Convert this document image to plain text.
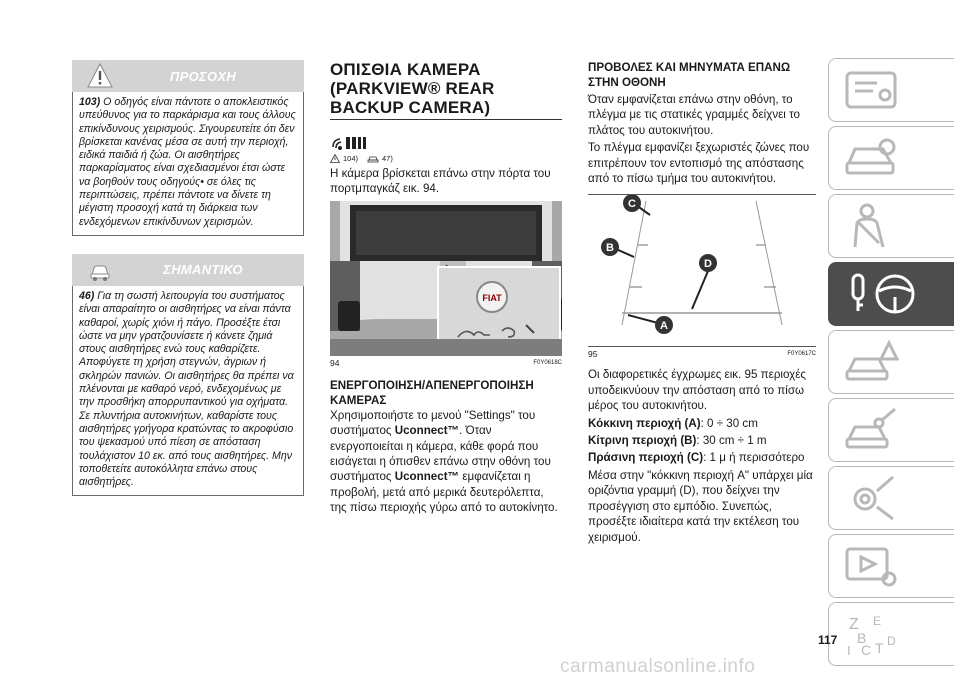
ΠΡΟΣΟΧΗ
103) Ο οδηγός είναι πάντοτε ο αποκλειστικός υπεύθυνος για το παρκάρισμα και τους άλλους επικίνδυνους χειρισμούς. Σιγουρευτείτε ότι δεν βρίσκεται κανένας μέσα σε αυτή την περιοχή, ειδικά παιδιά ή ζώα. Οι αισθητήρες παρκαρίσματος είναι σχεδιασμένοι έτσι ώστε να βοηθούν τους οδηγούς• σε όλες τις περιπτώσεις, πρέπει πάντοτε να δίνετε τη μέγιστη προσοχή κατά τη διάρκεια των ενδεχόμενων επικίνδυνων χειρισμών.
ΣΗΜΑΝΤΙΚΟ
46) Για τη σωστή λειτουργία του συστήματος είναι απαραίτητο οι αισθητήρες να είναι πάντα καθαροί, χωρίς χιόνι ή πάγο. Προσέξτε έτσι ώστε να μην γρατζουνίσετε ή κάνετε ζημιά στους αισθητήρες ενώ τους καθαρίζετε. Αποφύγετε τη χρήση στεγνών, άγριων ή σκληρών πανιών. Οι αισθητήρες θα πρέπει να πλένονται με καθαρό νερό, ενδεχομένως με την προσθήκη απορρυπαντικού για οχήματα. Σε πλυντήρια αυτοκινήτων, καθαρίστε τους αισθητήρες γρήγορα κρατώντας το ακροφύσιο του ψεκασμού υπό πίεση σε απόσταση τουλάχιστον 10 εκ. από τους αισθητήρες. Μην τοποθετείτε αυτοκόλλητα επάνω στους αισθητήρες.
ΟΠΙΣΘΙΑ ΚΑΜΕΡΑ
(PARKVIEW® REAR
BACKUP CAMERA)
104)	47)

Η κάμερα βρίσκεται επάνω στην πόρτα του πορτμπαγκάζ εικ. 94.

FIAT
94	F0Y0618C
ΕΝΕΡΓΟΠΟΙΗΣΗ/ΑΠΕΝΕΡΓΟΠΟΙΗΣΗ ΚΑΜΕΡΑΣ

Χρησιμοποιήστε το μενού "Settings" του συστήματος Uconnect™. Όταν ενεργοποιείται η κάμερα, κάθε φορά που εισάγεται η όπισθεν επάνω στην οθόνη του συστήματος Uconnect™ εμφανίζεται η προβολή, μετά από μερικά δευτερόλεπτα, της πίσω περιοχής γύρω από το αυτοκίνητο.

ΠΡΟΒΟΛΕΣ ΚΑΙ ΜΗΝΥΜΑΤΑ ΕΠΑΝΩ ΣΤΗΝ ΟΘΟΝΗ

Όταν εμφανίζεται επάνω στην οθόνη, το πλέγμα με τις στατικές γραμμές δείχνει το πλάτος του αυτοκινήτου.

Το πλέγμα εμφανίζει ξεχωριστές ζώνες που επιτρέπουν τον εντοπισμό της απόστασης από το πίσω τμήμα του αυτοκινήτου.

C
B
D
A
95	F0Y0617C

Οι διαφορετικές έγχρωμες εικ. 95 περιοχές υποδεικνύουν την απόσταση από το πίσω μέρος του αυτοκινήτου.

Κόκκινη περιοχή (A): 0 ÷ 30 cm

Κίτρινη περιοχή (B): 30 cm ÷ 1 m

Πράσινη περιοχή (C): 1 μ ή περισσότερο

Μέσα στην "κόκκινη περιοχή A" υπάρχει μία οριζόντια γραμμή (D), που δείχνει την προσέγγιση στο εμπόδιο. Συνεπώς, προσέξτε ιδιαίτερα κατά την εκτέλεση του χειρισμού.

Z E
B
I C T D
117
carmanualsonline.info
